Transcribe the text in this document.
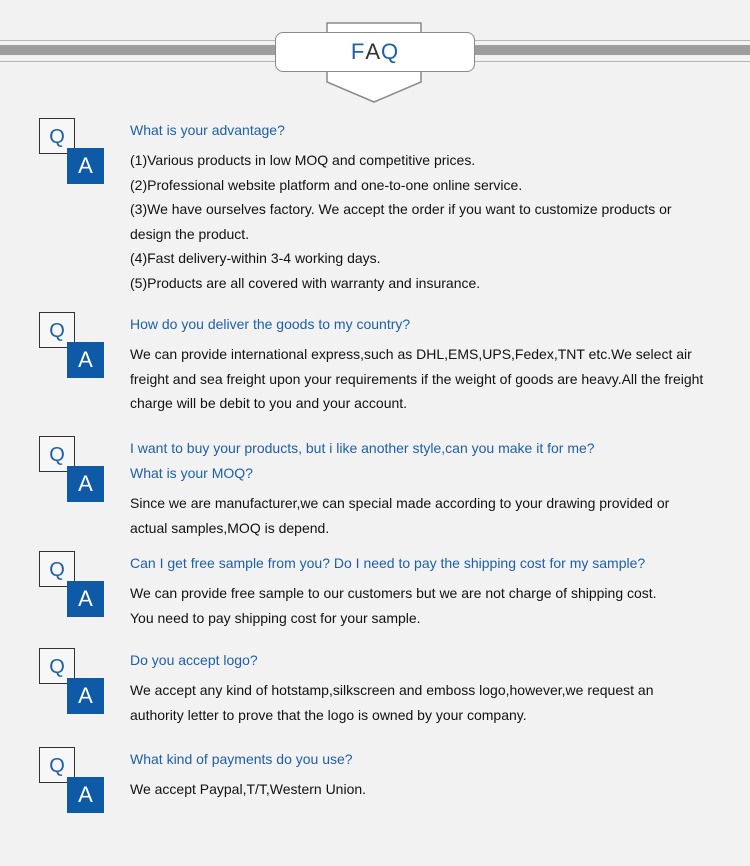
F A Q
Q
A

What is your advantage?

(1)Various products in low MOQ and competitive prices.

(2)Professional website platform and one-to-one online service.

(3)We have ourselves factory. We accept the order if you want to customize products or

design the product.

(4)Fast delivery-within 3-4 working days.

(5)Products are all covered with warranty and insurance.

Q
A

How do you deliver the goods to my country?

We can provide international express,such as DHL,EMS,UPS,Fedex,TNT etc.We select air

freight and sea freight upon your requirements if the weight of goods are heavy.All the freight

charge will be debit to you and your account.

Q
A

I want to buy your products, but i like another style,can you make it for me?

What is your MOQ?

Since we are manufacturer,we can special made according to your drawing provided or

actual samples,MOQ is depend.

Q
A

Can I get free sample from you? Do I need to pay the shipping cost for my sample?

We can provide free sample to our customers but we are not charge of shipping cost.

You need to pay shipping cost for your sample.

Q
A

Do you accept logo?

We accept any kind of hotstamp,silkscreen and emboss logo,however,we request an

authority letter to prove that the logo is owned by your company.

Q
A

What kind of payments do you use?

We accept Paypal,T/T,Western Union.
